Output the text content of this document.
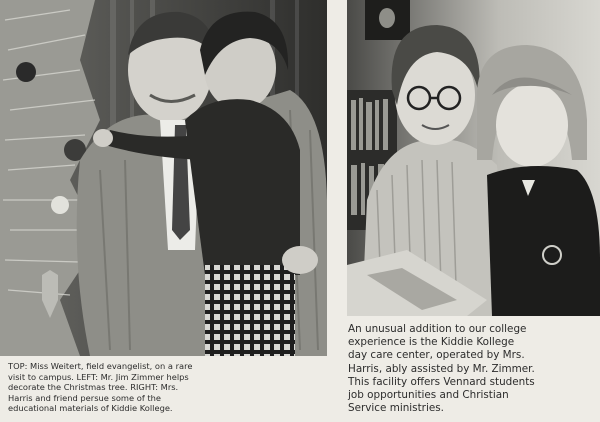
TOP: Miss Weitert, field evangelist, on a rare
visit to campus. LEFT: Mr. Jim Zimmer helps
decorate the Christmas tree. RIGHT: Mrs.
Harris and friend persue some of the
educational materials of Kiddie Kollege.
An unusual addition to our college
experience is the Kiddie Kollege
day care center, operated by Mrs.
Harris, ably assisted by Mr. Zimmer.
This facility offers Vennard students
job opportunities and Christian
Service ministries.
